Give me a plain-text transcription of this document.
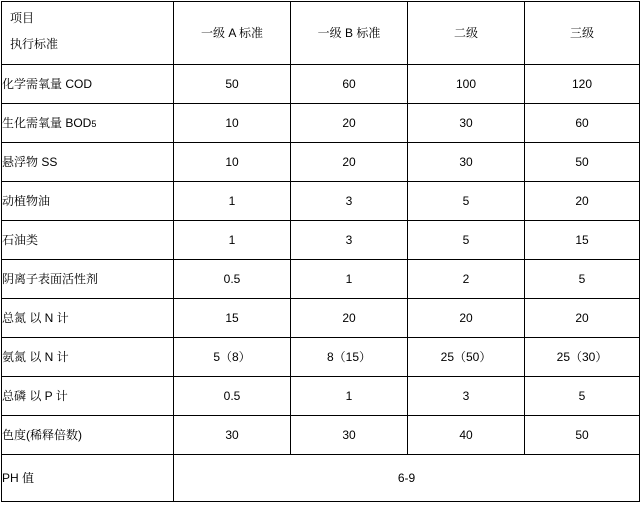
项目
执行标准	一级 A 标准	一级 B 标准	二级	三级
化学需氧量 COD	50	60	100	120
生化需氧量 BOD5	10	20	30	60
悬浮物 SS	10	20	30	50
动植物油	1	3	5	20
石油类	1	3	5	15
阴离子表面活性剂	0.5	1	2	5
总氮 以 N 计	15	20	20	20
氨氮 以 N 计	5（8）	8（15）	25（50）	25（30）
总磷 以 P 计	0.5	1	3	5
色度(稀释倍数)	30	30	40	50
PH 值	6-9			
